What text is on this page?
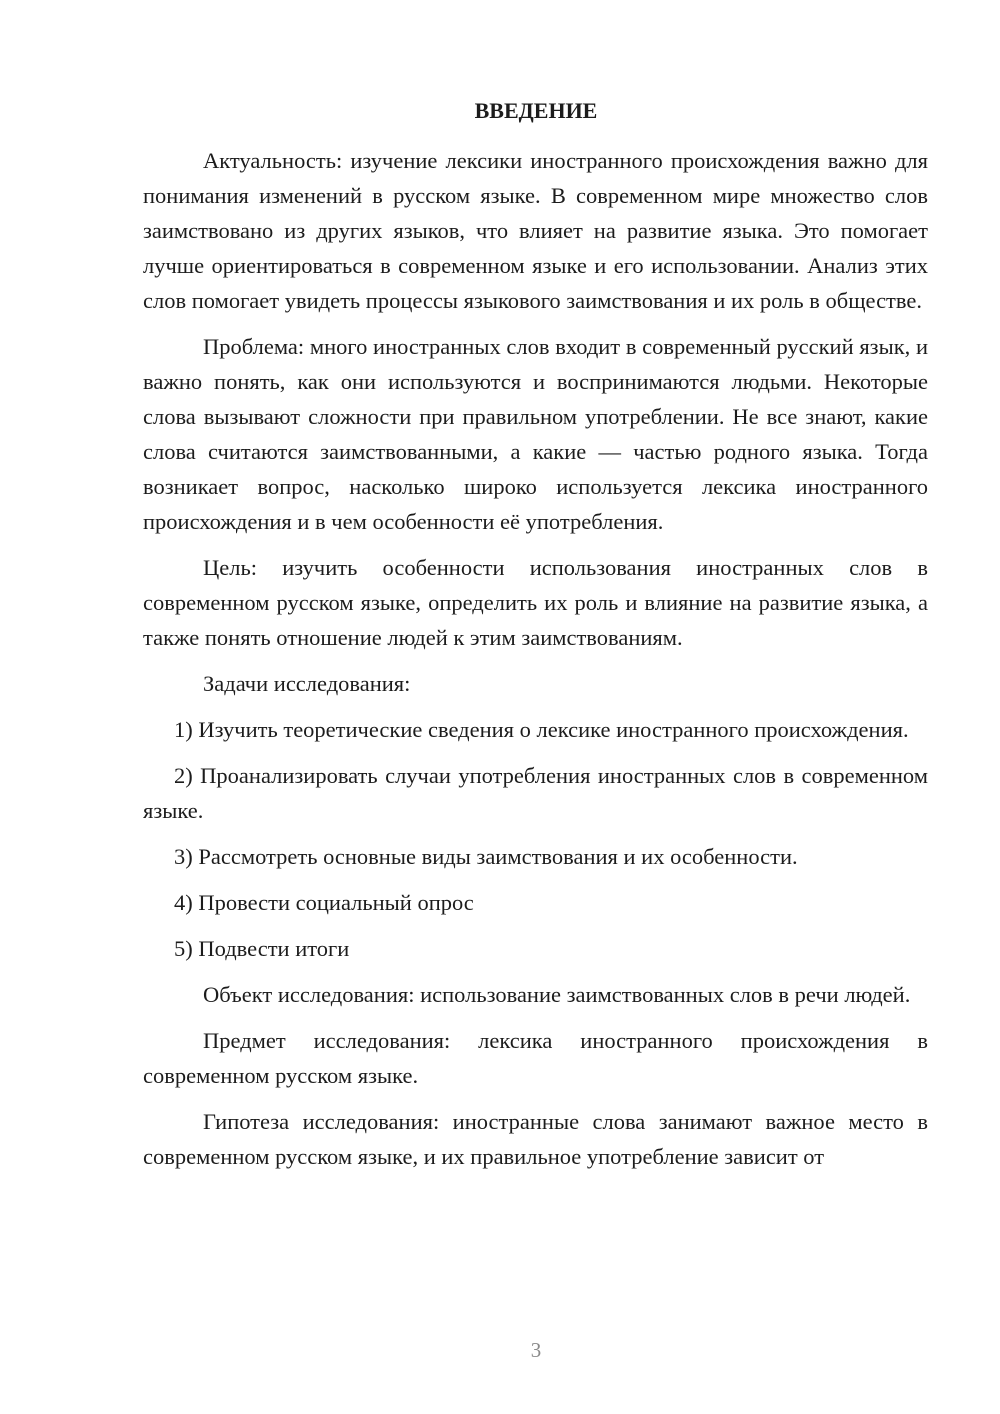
ВВЕДЕНИЕ

Актуальность: изучение лексики иностранного происхождения важно для понимания изменений в русском языке. В современном мире множество слов заимствовано из других языков, что влияет на развитие языка. Это помогает лучше ориентироваться в современном языке и его использовании. Анализ этих слов помогает увидеть процессы языкового заимствования и их роль в обществе.

Проблема: много иностранных слов входит в современный русский язык, и важно понять, как они используются и воспринимаются людьми. Некоторые слова вызывают сложности при правильном употреблении. Не все знают, какие слова считаются заимствованными, а какие — частью родного языка. Тогда возникает вопрос, насколько широко используется лексика иностранного происхождения и в чем особенности её употребления.

Цель: изучить особенности использования иностранных слов в современном русском языке, определить их роль и влияние на развитие языка, а также понять отношение людей к этим заимствованиям.

Задачи исследования:

1) Изучить теоретические сведения о лексике иностранного происхождения.

2) Проанализировать случаи употребления иностранных слов в современном языке.

3) Рассмотреть основные виды заимствования и их особенности.

4) Провести социальный опрос

5) Подвести итоги

Объект исследования: использование заимствованных слов в речи людей.

Предмет исследования: лексика иностранного происхождения в современном русском языке.

Гипотеза исследования: иностранные слова занимают важное место в современном русском языке, и их правильное употребление зависит от

3
